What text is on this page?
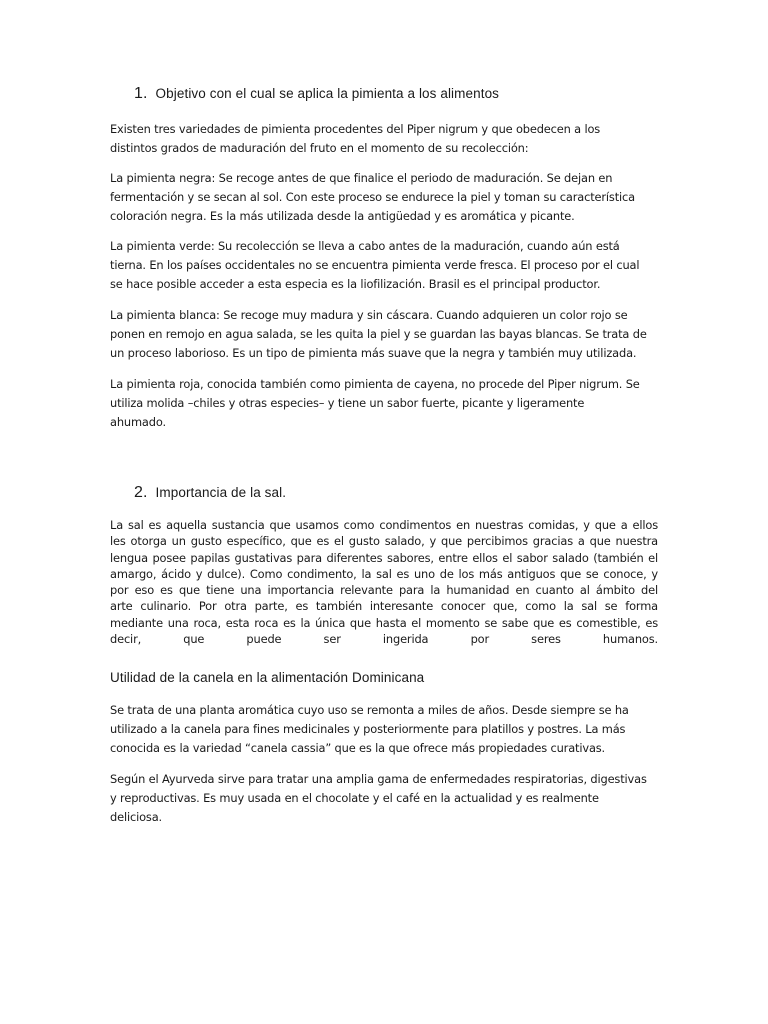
1. Objetivo con el cual se aplica la pimienta a los alimentos

Existen tres variedades de pimienta procedentes del Piper nigrum y que obedecen a los
distintos grados de maduración del fruto en el momento de su recolección:

La pimienta negra: Se recoge antes de que finalice el periodo de maduración. Se dejan en
fermentación y se secan al sol. Con este proceso se endurece la piel y toman su característica
coloración negra. Es la más utilizada desde la antigüedad y es aromática y picante.

La pimienta verde: Su recolección se lleva a cabo antes de la maduración, cuando aún está
tierna. En los países occidentales no se encuentra pimienta verde fresca. El proceso por el cual
se hace posible acceder a esta especia es la liofilización. Brasil es el principal productor.

La pimienta blanca: Se recoge muy madura y sin cáscara. Cuando adquieren un color rojo se
ponen en remojo en agua salada, se les quita la piel y se guardan las bayas blancas. Se trata de
un proceso laborioso. Es un tipo de pimienta más suave que la negra y también muy utilizada.

La pimienta roja, conocida también como pimienta de cayena, no procede del Piper nigrum. Se
utiliza molida –chiles y otras especies– y tiene un sabor fuerte, picante y ligeramente
ahumado.

2. Importancia de la sal.

La sal es aquella sustancia que usamos como condimentos en nuestras comidas, y que a ellos
les otorga un gusto específico, que es el gusto salado, y que percibimos gracias a que nuestra
lengua posee papilas gustativas para diferentes sabores, entre ellos el sabor salado (también el
amargo, ácido y dulce). Como condimento, la sal es uno de los más antiguos que se conoce, y
por eso es que tiene una importancia relevante para la humanidad en cuanto al ámbito del
arte culinario. Por otra parte, es también interesante conocer que, como la sal se forma
mediante una roca, esta roca es la única que hasta el momento se sabe que es comestible, es
decir, que puede ser ingerida por seres humanos.

Utilidad de la canela en la alimentación Dominicana

Se trata de una planta aromática cuyo uso se remonta a miles de años. Desde siempre se ha
utilizado a la canela para fines medicinales y posteriormente para platillos y postres. La más
conocida es la variedad “canela cassia” que es la que ofrece más propiedades curativas.

Según el Ayurveda sirve para tratar una amplia gama de enfermedades respiratorias, digestivas
y reproductivas. Es muy usada en el chocolate y el café en la actualidad y es realmente
deliciosa.
